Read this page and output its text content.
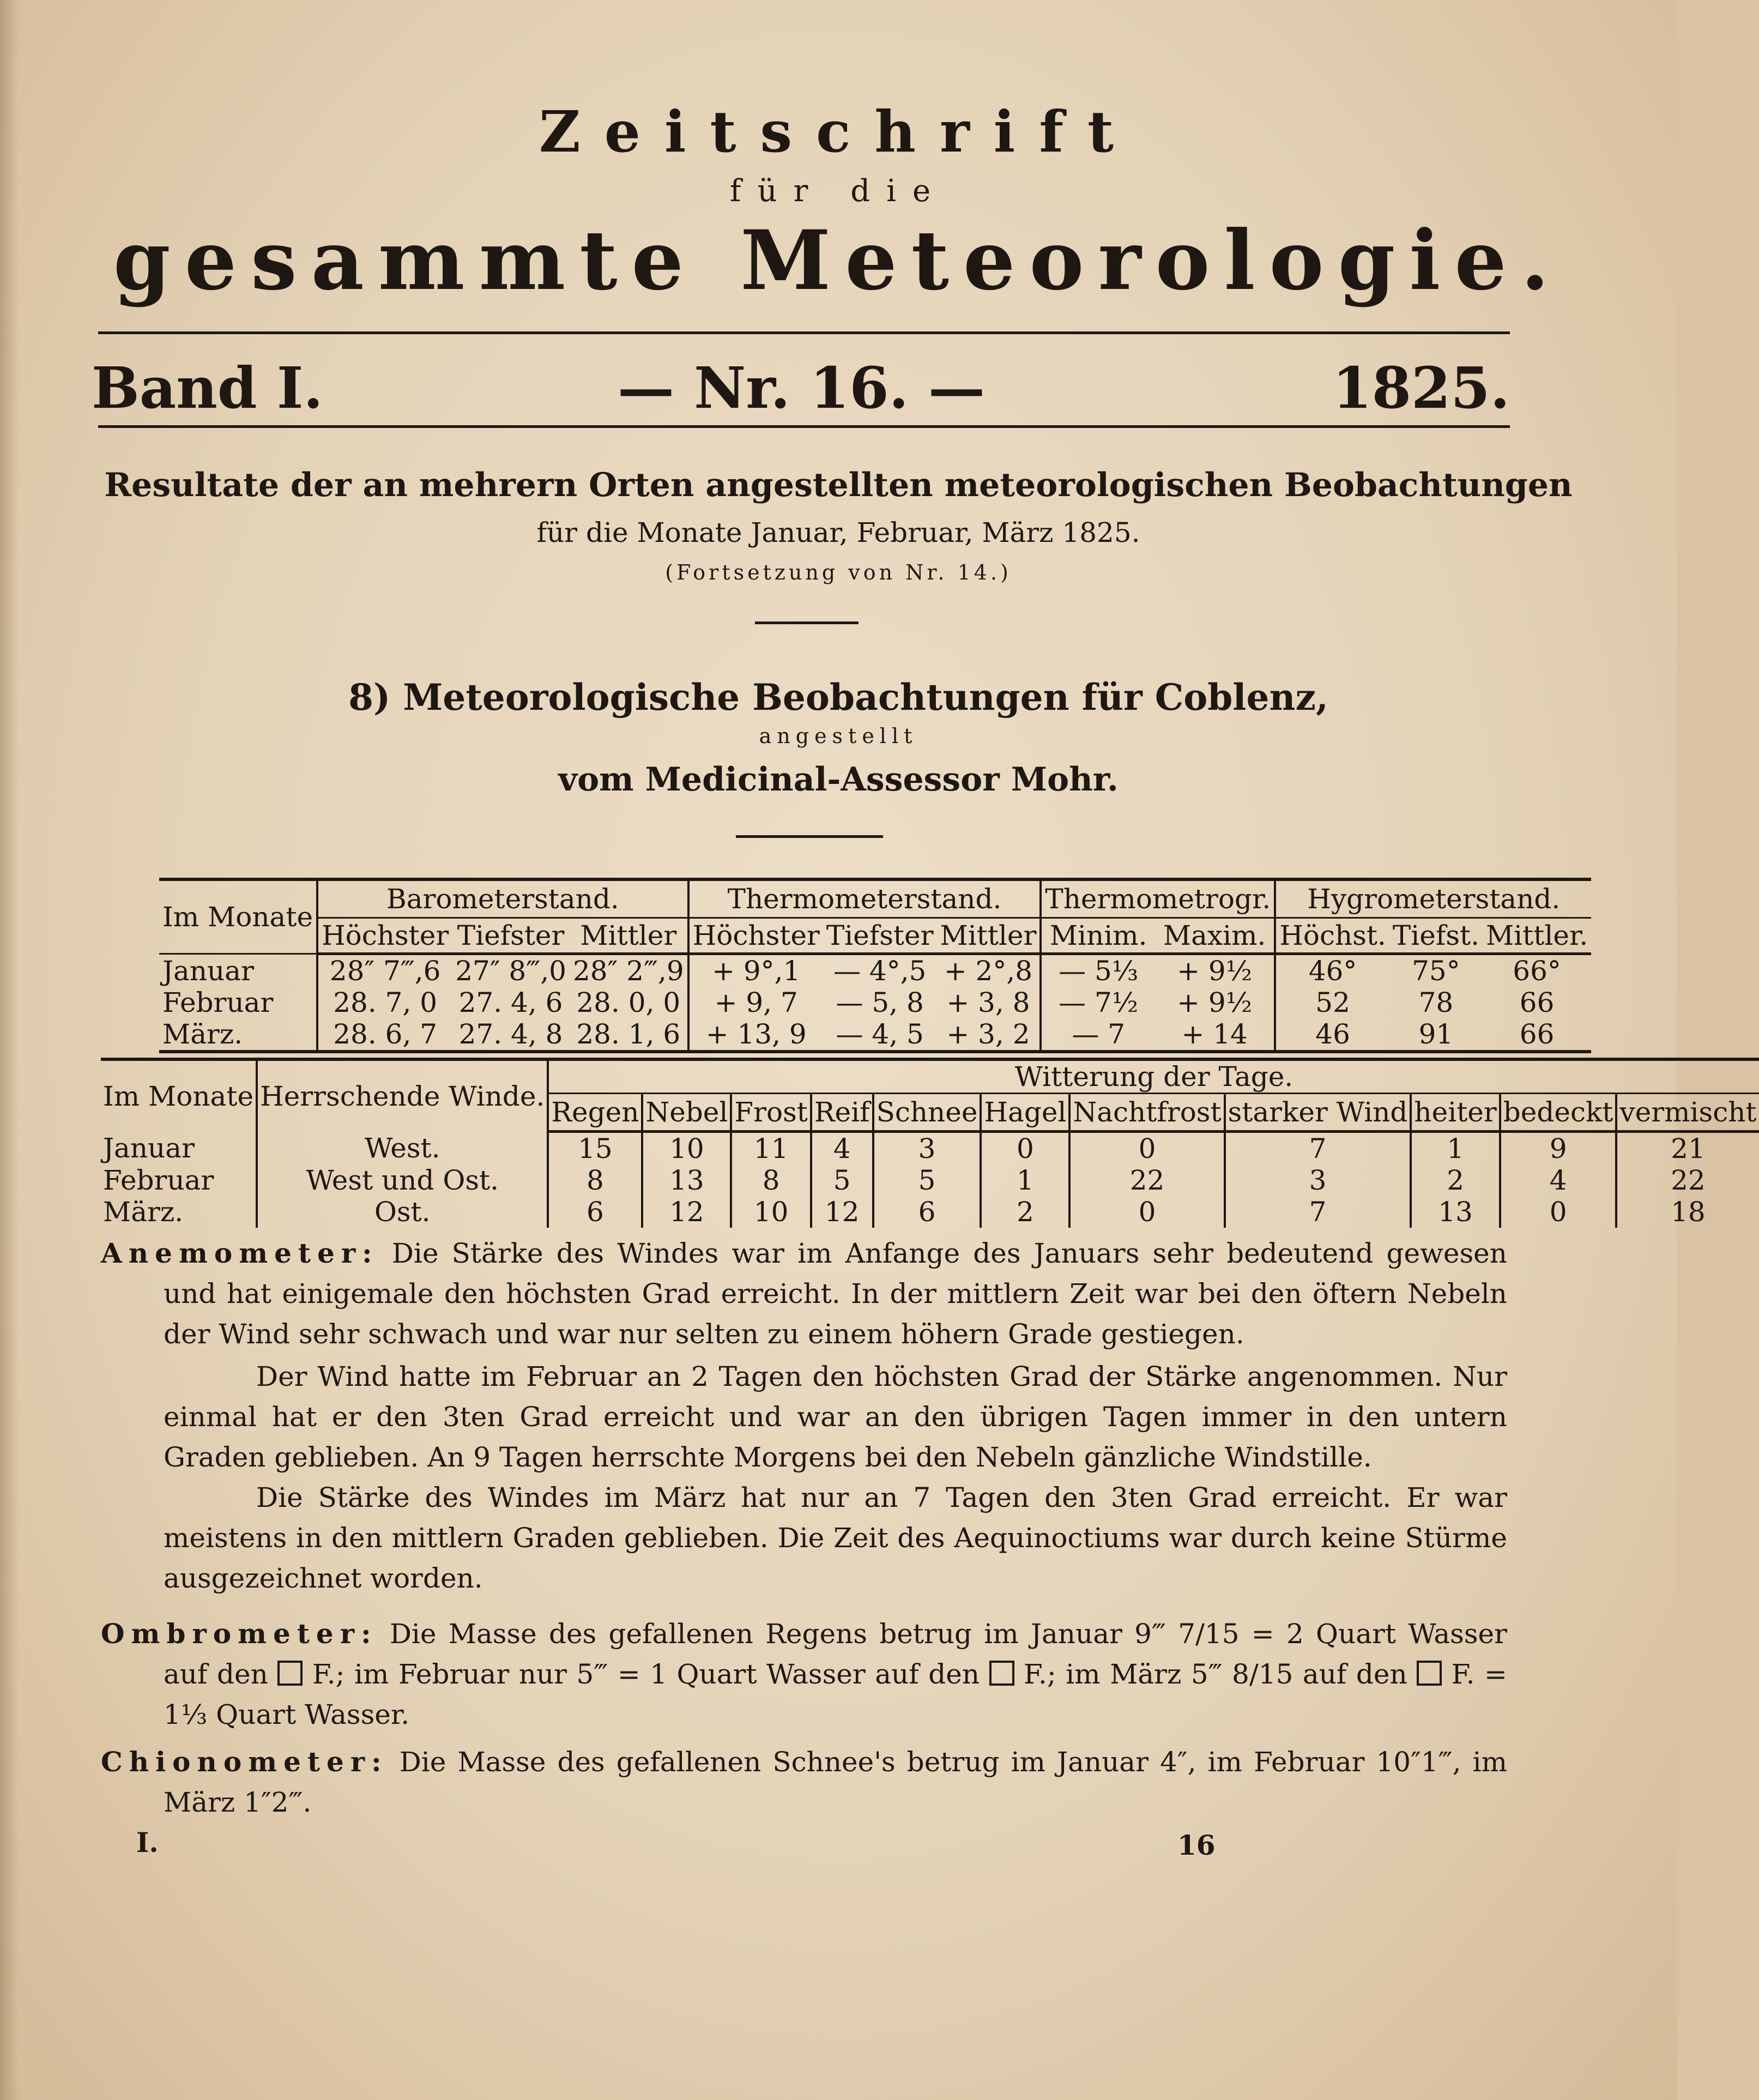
Zeitschrift
für die
gesammte Meteorologie.
Band I.	— Nr. 16. —	1825.
Resultate der an mehrern Orten angestellten meteorologischen Beobachtungen
für die Monate Januar, Februar, März 1825.
(Fortsetzung von Nr. 14.)
8) Meteorologische Beobachtungen für Coblenz,
angestellt
vom Medicinal-Assessor Mohr.
Im Monate	Barometerstand.			Thermometerstand.			Thermometrogr.		Hygrometerstand.		
	Höchster	Tiefster	Mittler	Höchster	Tiefster	Mittler	Minim.	Maxim.	Höchst.	Tiefst.	Mittler.
Januar	28″ 7‴,6	27″ 8‴,0	28″ 2‴,9	+ 9°,1	— 4°,5	+ 2°,8	— 5⅓	+ 9½	46°	75°	66°
Februar	28. 7, 0	27. 4, 6	28. 0, 0	+ 9, 7	— 5, 8	+ 3, 8	— 7½	+ 9½	52	78	66
März.	28. 6, 7	27. 4, 8	28. 1, 6	+ 13, 9	— 4, 5	+ 3, 2	— 7	+ 14	46	91	66
Im Monate	Herrschende Winde.	Witterung der Tage.										
		Regen	Nebel	Frost	Reif	Schnee	Hagel	Nachtfrost	starker Wind	heiter	bedeckt	vermischt
Januar	West.	15	10	11	4	3	0	0	7	1	9	21
Februar	West und Ost.	8	13	8	5	5	1	22	3	2	4	22
März.	Ost.	6	12	10	12	6	2	0	7	13	0	18
Anemometer: Die Stärke des Windes war im Anfange des Januars sehr bedeutend gewesen und hat einigemale den höchsten Grad erreicht. In der mittlern Zeit war bei den öftern Nebeln der Wind sehr schwach und war nur selten zu einem höhern Grade gestiegen.
Der Wind hatte im Februar an 2 Tagen den höchsten Grad der Stärke angenommen. Nur einmal hat er den 3ten Grad erreicht und war an den übrigen Tagen immer in den untern Graden geblieben. An 9 Tagen herrschte Morgens bei den Nebeln gänzliche Windstille.
Die Stärke des Windes im März hat nur an 7 Tagen den 3ten Grad erreicht. Er war meistens in den mittlern Graden geblieben. Die Zeit des Aequinoctiums war durch keine Stürme ausgezeichnet worden.
Ombrometer: Die Masse des gefallenen Regens betrug im Januar 9‴ 7/15 = 2 Quart Wasser auf den F.; im Februar nur 5‴ = 1 Quart Wasser auf den F.; im März 5‴ 8/15 auf den F. = 1⅓ Quart Wasser.
Chionometer: Die Masse des gefallenen Schnee's betrug im Januar 4″, im Februar 10″1‴, im März 1″2‴.
I.	16
